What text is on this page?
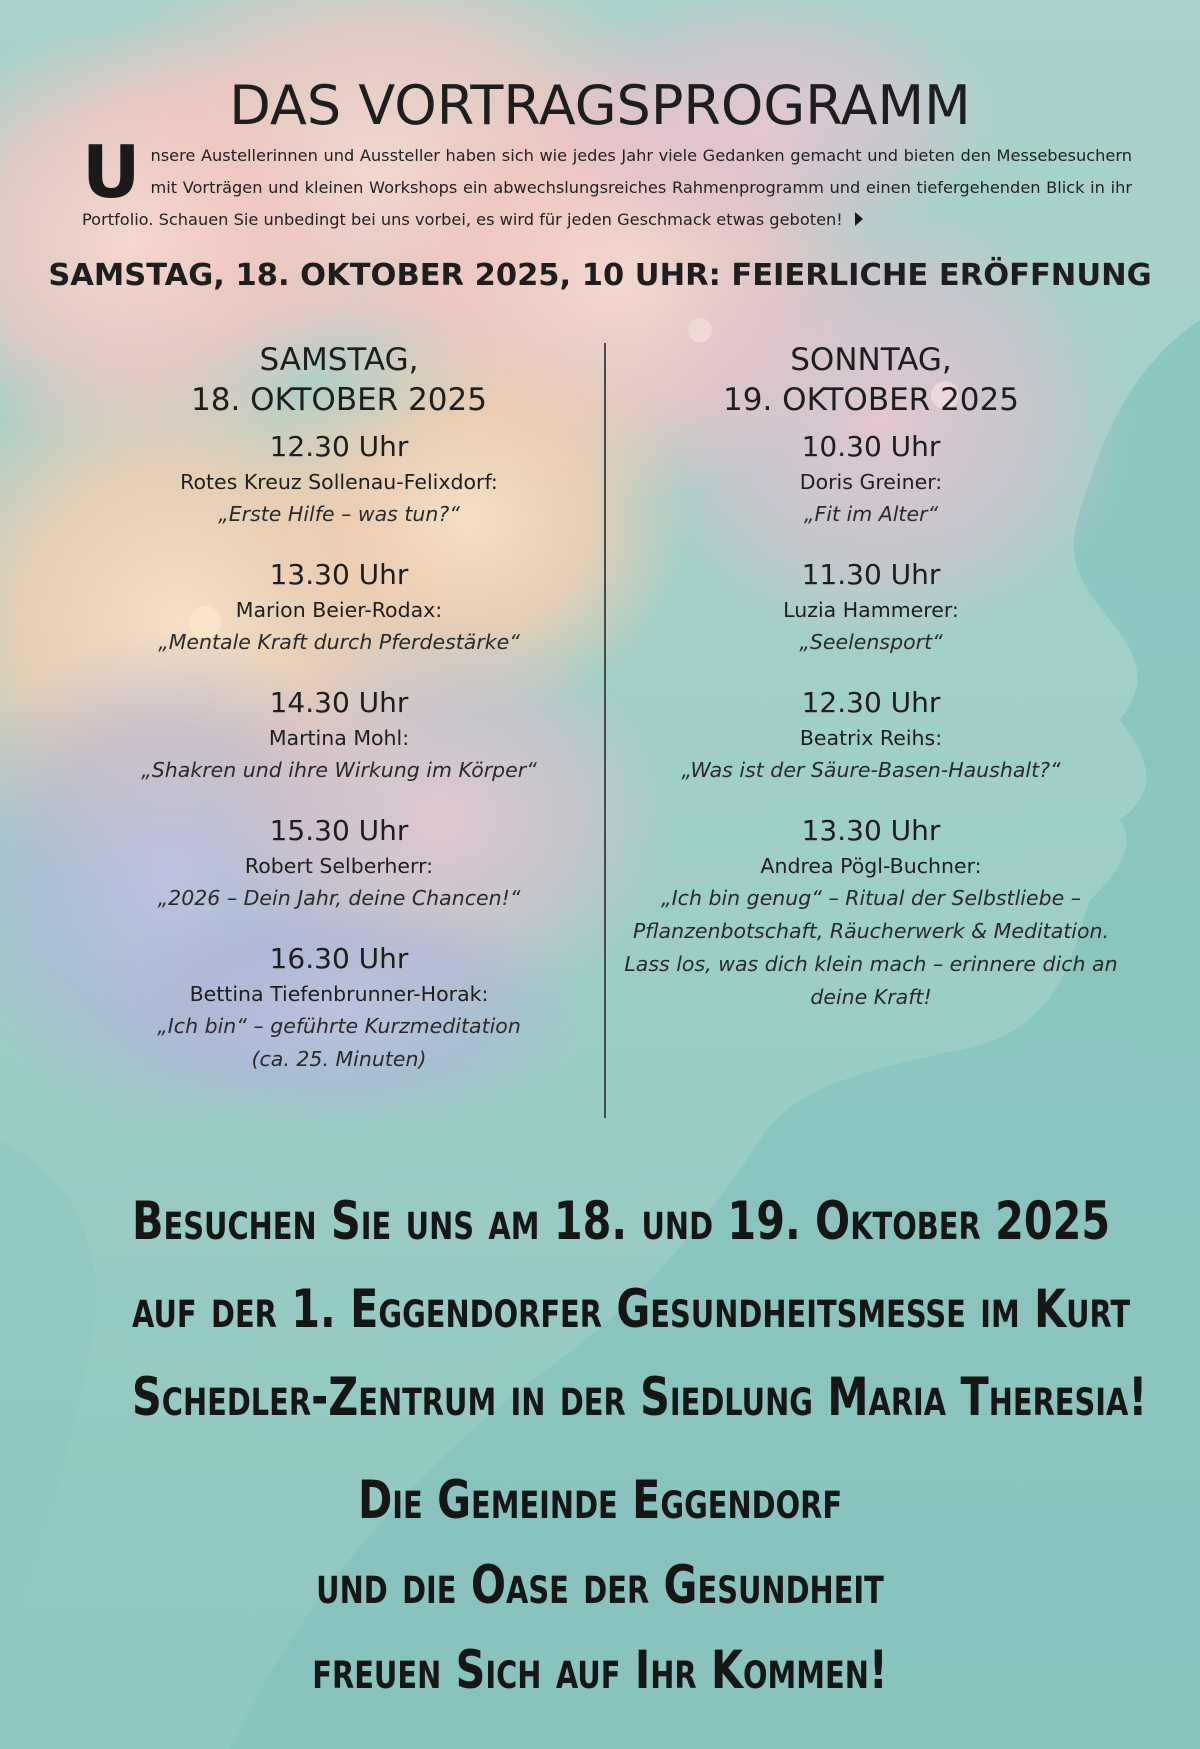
DAS VORTRAGSPROGRAMM

Unsere Austellerinnen und Aussteller haben sich wie jedes Jahr viele Gedanken gemacht und bieten den Messebesuchern mit Vorträgen und kleinen Workshops ein abwechslungsreiches Rahmenprogramm und einen tiefergehenden Blick in ihr Portfolio. Schauen Sie unbedingt bei uns vorbei, es wird für jeden Geschmack etwas geboten!

SAMSTAG, 18. OKTOBER 2025, 10 UHR: FEIERLICHE ERÖFFNUNG
SAMSTAG,
18. OKTOBER 2025
12.30 Uhr
Rotes Kreuz Sollenau-Felixdorf:
„Erste Hilfe – was tun?“
13.30 Uhr
Marion Beier-Rodax:
„Mentale Kraft durch Pferdestärke“
14.30 Uhr
Martina Mohl:
„Shakren und ihre Wirkung im Körper“
15.30 Uhr
Robert Selberherr:
„2026 – Dein Jahr, deine Chancen!“
16.30 Uhr
Bettina Tiefenbrunner-Horak:
„Ich bin“ – geführte Kurzmeditation
(ca. 25. Minuten)
SONNTAG,
19. OKTOBER 2025
10.30 Uhr
Doris Greiner:
„Fit im Alter“
11.30 Uhr
Luzia Hammerer:
„Seelensport“
12.30 Uhr
Beatrix Reihs:
„Was ist der Säure-Basen-Haushalt?“
13.30 Uhr
Andrea Pögl-Buchner:
„Ich bin genug“ – Ritual der Selbstliebe – Pflanzenbotschaft, Räucherwerk & Meditation. Lass los, was dich klein mach – erinnere dich an deine Kraft!
Besuchen Sie uns am 18. und 19. Oktober 2025
auf der 1. Eggendorfer Gesundheitsmesse im Kurt
Schedler-Zentrum in der Siedlung Maria Theresia!
Die Gemeinde Eggendorf
und die Oase der Gesundheit
freuen Sich auf Ihr Kommen!
